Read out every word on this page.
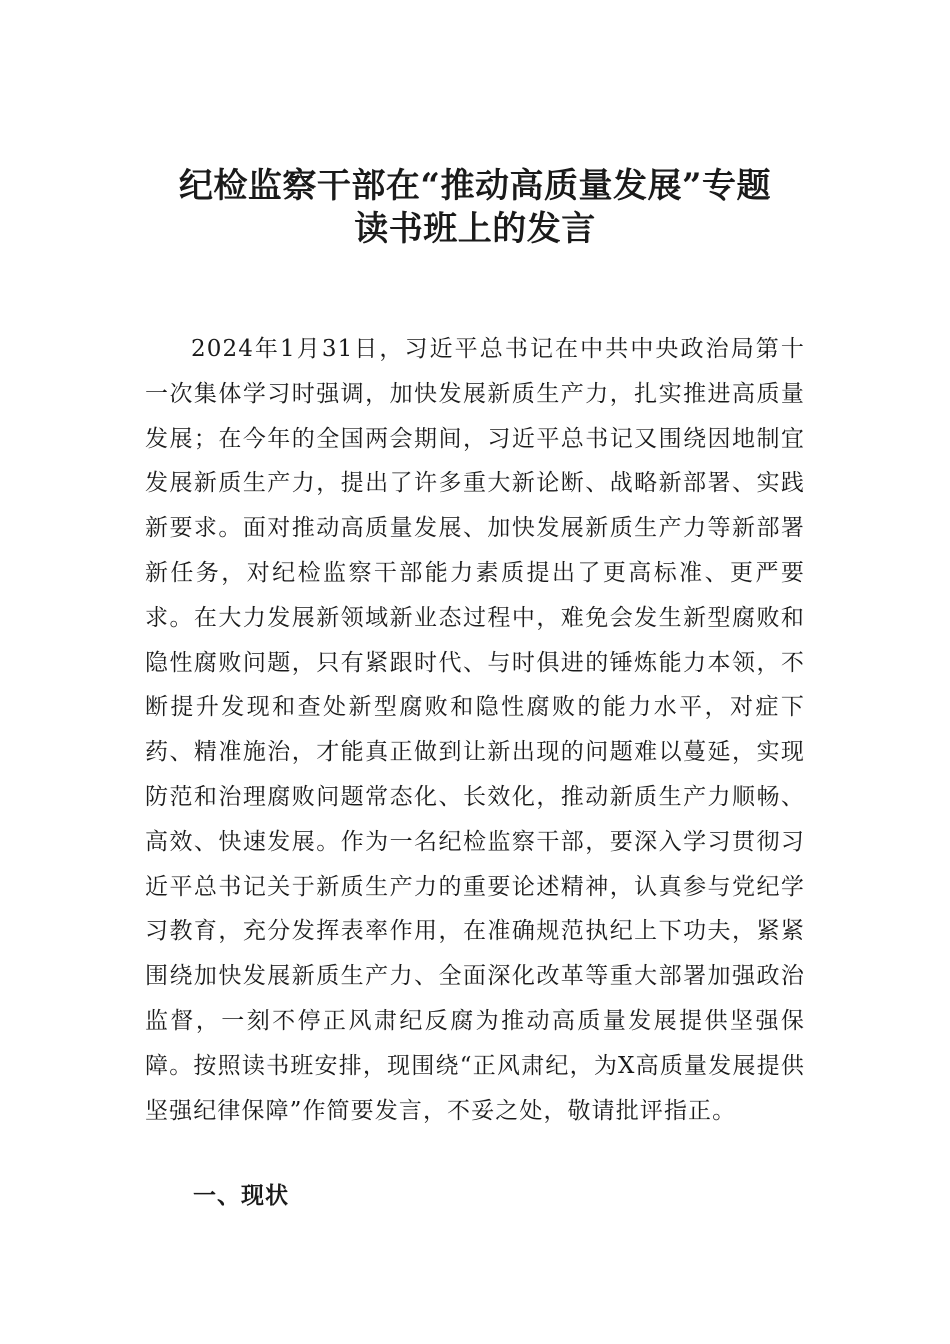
纪检监察干部在“推动高质量发展”专题
读书班上的发言

2024年1月31日，习近平总书记在中共中央政治局第十一次集体学习时强调，加快发展新质生产力，扎实推进高质量发展；在今年的全国两会期间，习近平总书记又围绕因地制宜发展新质生产力，提出了许多重大新论断、战略新部署、实践新要求。面对推动高质量发展、加快发展新质生产力等新部署新任务，对纪检监察干部能力素质提出了更高标准、更严要求。在大力发展新领域新业态过程中，难免会发生新型腐败和隐性腐败问题，只有紧跟时代、与时俱进的锤炼能力本领，不断提升发现和查处新型腐败和隐性腐败的能力水平，对症下药、精准施治，才能真正做到让新出现的问题难以蔓延，实现防范和治理腐败问题常态化、长效化，推动新质生产力顺畅、高效、快速发展。作为一名纪检监察干部，要深入学习贯彻习近平总书记关于新质生产力的重要论述精神，认真参与党纪学习教育，充分发挥表率作用，在准确规范执纪上下功夫，紧紧围绕加快发展新质生产力、全面深化改革等重大部署加强政治监督，一刻不停正风肃纪反腐为推动高质量发展提供坚强保障。按照读书班安排，现围绕“正风肃纪，为X高质量发展提供坚强纪律保障”作简要发言，不妥之处，敬请批评指正。

一、现状
